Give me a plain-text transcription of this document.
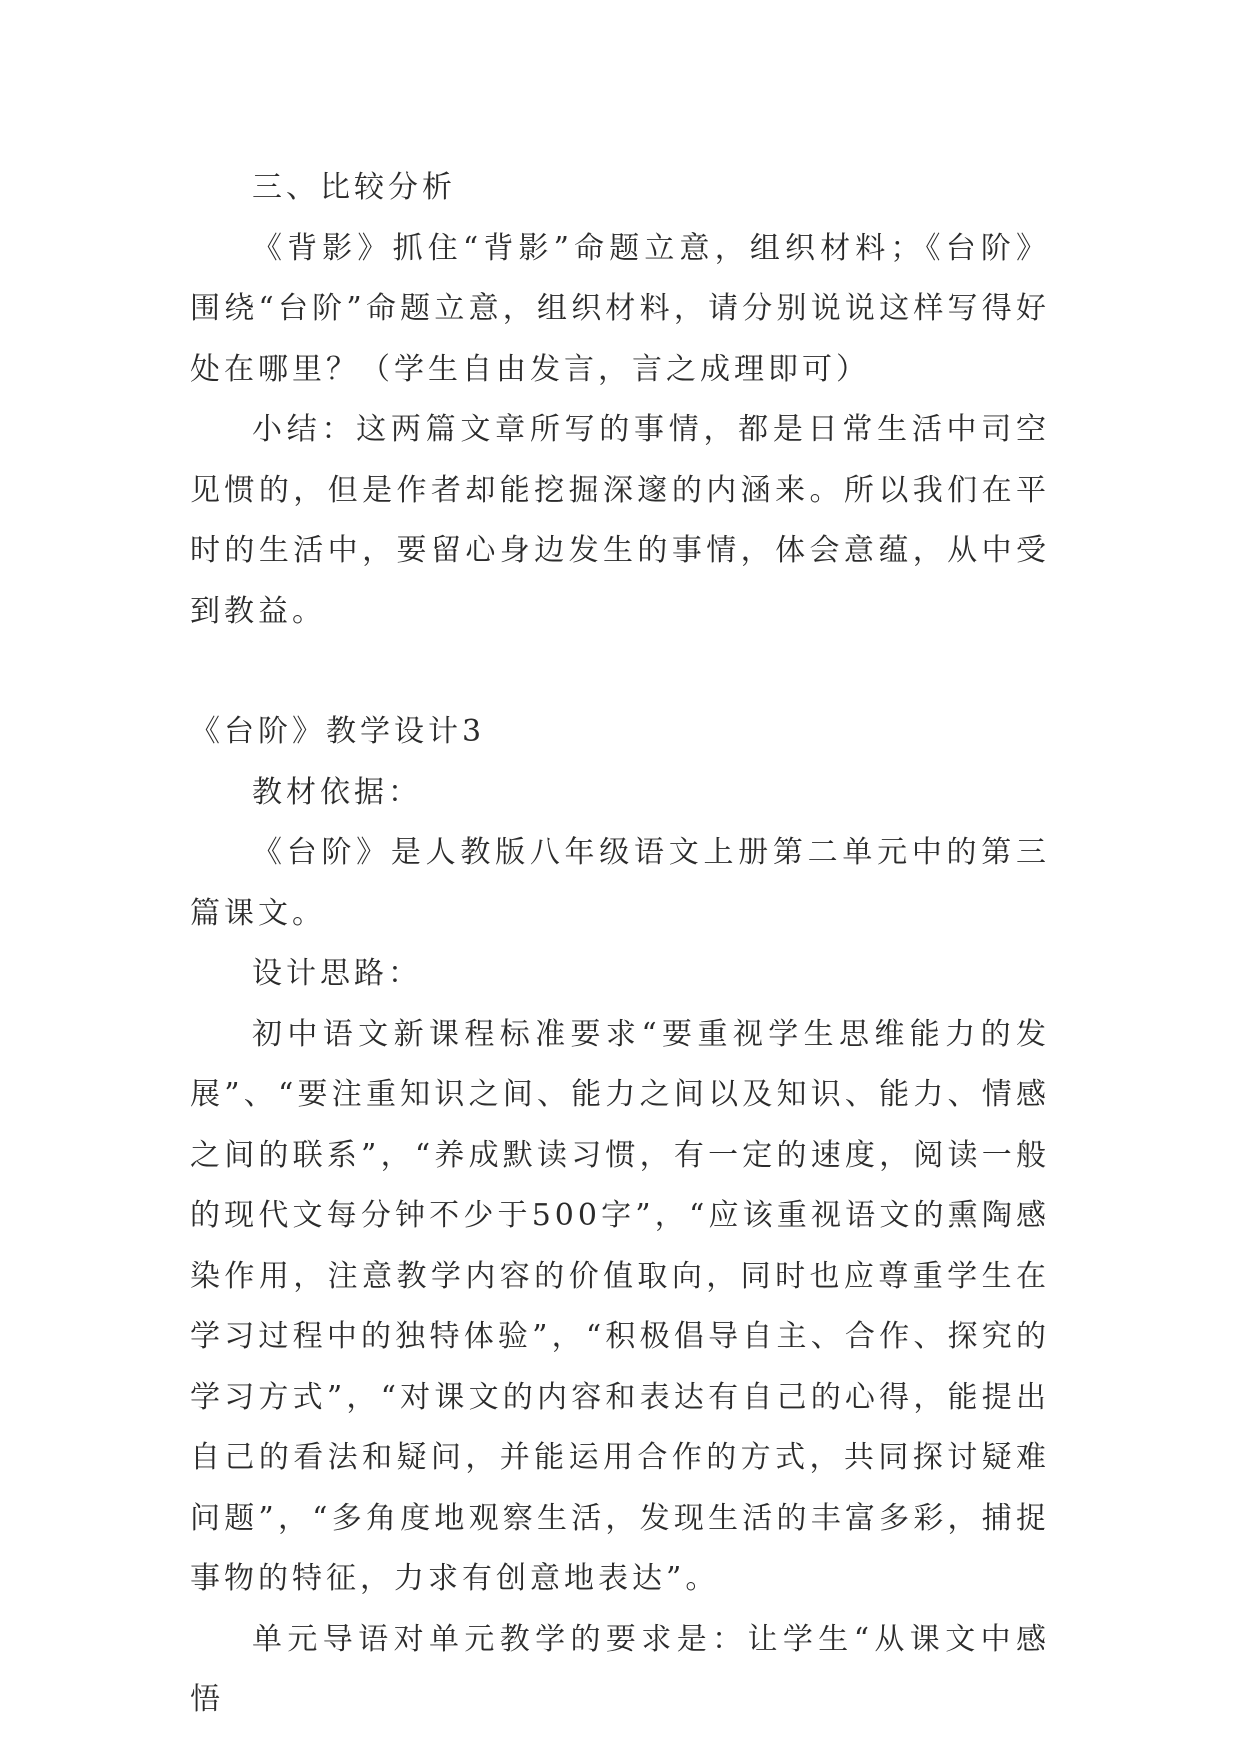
三、比较分析

《背影》抓住“背影”命题立意，组织材料；《台阶》围绕“台阶”命题立意，组织材料，请分别说说这样写得好处在哪里？（学生自由发言，言之成理即可）

小结：这两篇文章所写的事情，都是日常生活中司空见惯的，但是作者却能挖掘深邃的内涵来。所以我们在平时的生活中，要留心身边发生的事情，体会意蕴，从中受到教益。

《台阶》教学设计3

教材依据：

《台阶》是人教版八年级语文上册第二单元中的第三篇课文。

设计思路：

初中语文新课程标准要求“要重视学生思维能力的发展”、“要注重知识之间、能力之间以及知识、能力、情感之间的联系”，“养成默读习惯，有一定的速度，阅读一般的现代文每分钟不少于500字”，“应该重视语文的熏陶感染作用，注意教学内容的价值取向，同时也应尊重学生在学习过程中的独特体验”，“积极倡导自主、合作、探究的学习方式”，“对课文的内容和表达有自己的心得，能提出自己的看法和疑问，并能运用合作的方式，共同探讨疑难问题”，“多角度地观察生活，发现生活的丰富多彩，捕捉事物的特征，力求有创意地表达”。

单元导语对单元教学的要求是：让学生“从课文中感悟
